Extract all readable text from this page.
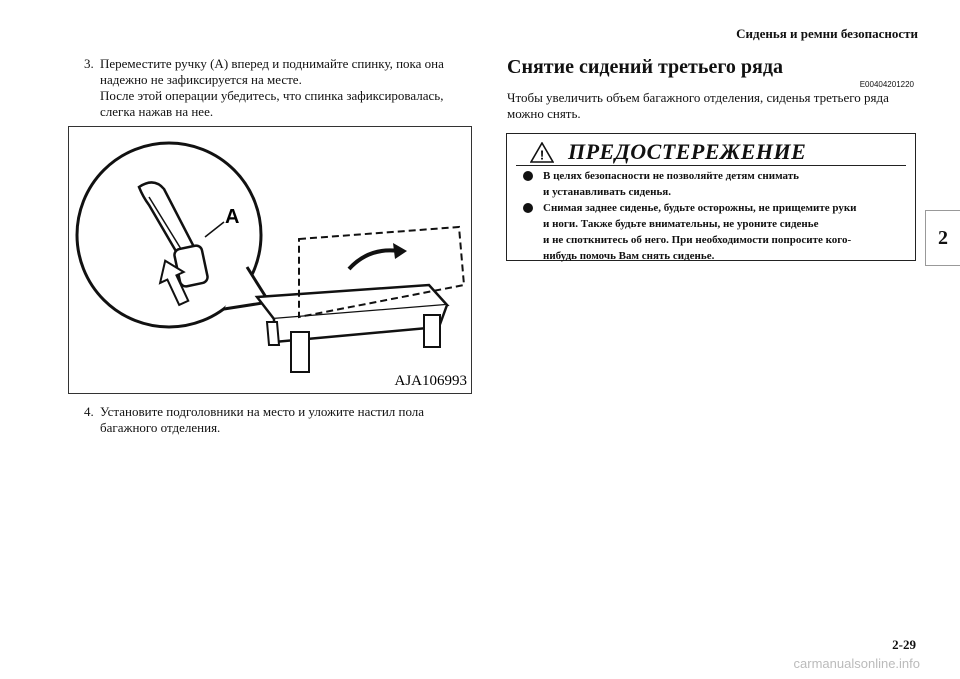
Сиденья и ремни безопасности
2
3. Переместите ручку (A) вперед и поднимайте спинку, пока она
надежно не зафиксируется на месте.
После этой операции убедитесь, что спинка зафиксировалась,
слегка нажав на нее.
A
AJA106993
4. Установите подголовники на место и уложите настил пола
багажного отделения.
Снятие сидений третьего ряда
E00404201220
Чтобы увеличить объем багажного отделения, сиденья третьего ряда
можно снять.
! ПРЕДОСТЕРЕЖЕНИЕ
В целях безопасности не позволяйте детям снимать
и устанавливать сиденья.
Снимая заднее сиденье, будьте осторожны, не прищемите руки
и ноги. Также будьте внимательны, не уроните сиденье
и не споткнитесь об него. При необходимости попросите кого-
нибудь помочь Вам снять сиденье.
2-29
carmanualsonline.info
